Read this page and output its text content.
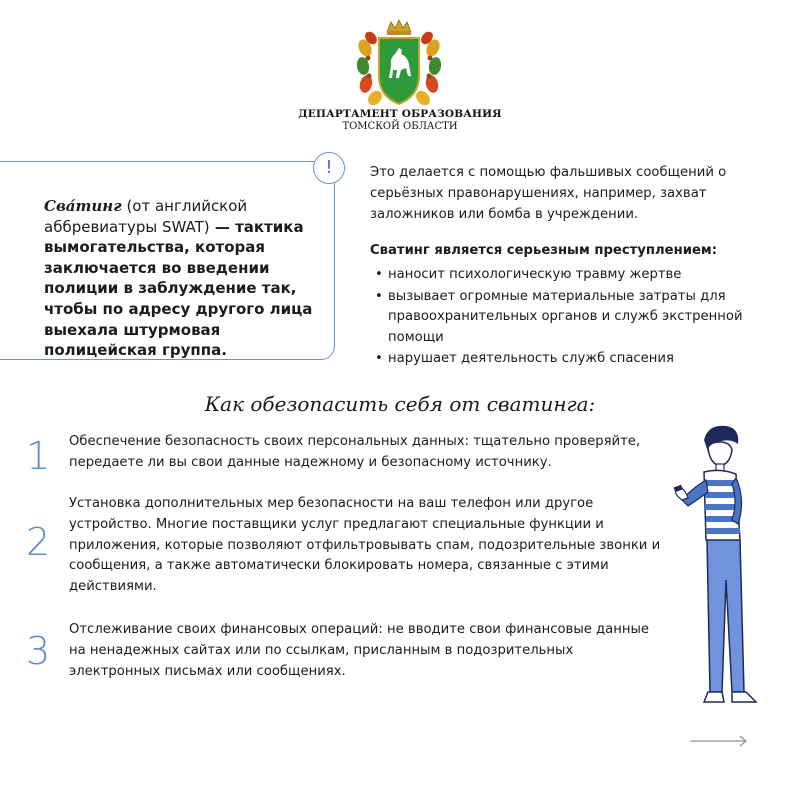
ДЕПАРТАМЕНТ ОБРАЗОВАНИЯ
ТОМСКОЙ ОБЛАСТИ
!
Сва́тинг (от английской аббревиатуры SWAT) — тактика вымогательства, которая заключается во введении полиции в заблуждение так, чтобы по адресу другого лица выехала штурмовая полицейская группа.
Это делается с помощью фальшивых сообщений о серьёзных правонарушениях, например, захват заложников или бомба в учреждении.
Сватинг является серьезным преступлением:
• наносит психологическую травму жертве
• вызывает огромные материальные затраты для правоохранительных органов и служб экстренной помощи
• нарушает деятельность служб спасения
Как обезопасить себя от сватинга:
1 Обеспечение безопасность своих персональных данных: тщательно проверяйте, передаете ли вы свои данные надежному и безопасному источнику.
2
Установка дополнительных мер безопасности на ваш телефон или другое устройство. Многие поставщики услуг предлагают специальные функции и приложения, которые позволяют отфильтровывать спам, подозрительные звонки и сообщения, а также автоматически блокировать номера, связанные с этими действиями.
3 Отслеживание своих финансовых операций: не вводите свои финансовые данные на ненадежных сайтах или по ссылкам, присланным в подозрительных электронных письмах или сообщениях.
